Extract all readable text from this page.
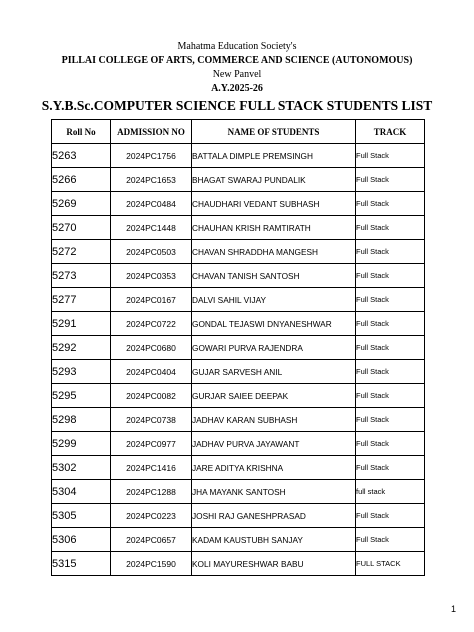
Mahatma Education Society's
PILLAI COLLEGE OF ARTS, COMMERCE AND SCIENCE (AUTONOMOUS)
New Panvel
A.Y.2025-26
S.Y.B.Sc.COMPUTER SCIENCE FULL STACK STUDENTS LIST
Roll No	ADMISSION NO	NAME OF STUDENTS	TRACK
5263	2024PC1756	BATTALA DIMPLE PREMSINGH	Full Stack
5266	2024PC1653	BHAGAT SWARAJ PUNDALIK	Full Stack
5269	2024PC0484	CHAUDHARI VEDANT SUBHASH	Full Stack
5270	2024PC1448	CHAUHAN KRISH RAMTIRATH	Full Stack
5272	2024PC0503	CHAVAN SHRADDHA MANGESH	Full Stack
5273	2024PC0353	CHAVAN TANISH SANTOSH	Full Stack
5277	2024PC0167	DALVI SAHIL VIJAY	Full Stack
5291	2024PC0722	GONDAL TEJASWI DNYANESHWAR	Full Stack
5292	2024PC0680	GOWARI PURVA RAJENDRA	Full Stack
5293	2024PC0404	GUJAR SARVESH ANIL	Full Stack
5295	2024PC0082	GURJAR SAIEE DEEPAK	Full Stack
5298	2024PC0738	JADHAV KARAN SUBHASH	Full Stack
5299	2024PC0977	JADHAV PURVA JAYAWANT	Full Stack
5302	2024PC1416	JARE ADITYA KRISHNA	Full Stack
5304	2024PC1288	JHA MAYANK SANTOSH	full stack
5305	2024PC0223	JOSHI RAJ GANESHPRASAD	Full Stack
5306	2024PC0657	KADAM KAUSTUBH SANJAY	Full Stack
5315	2024PC1590	KOLI MAYURESHWAR BABU	FULL STACK
1
